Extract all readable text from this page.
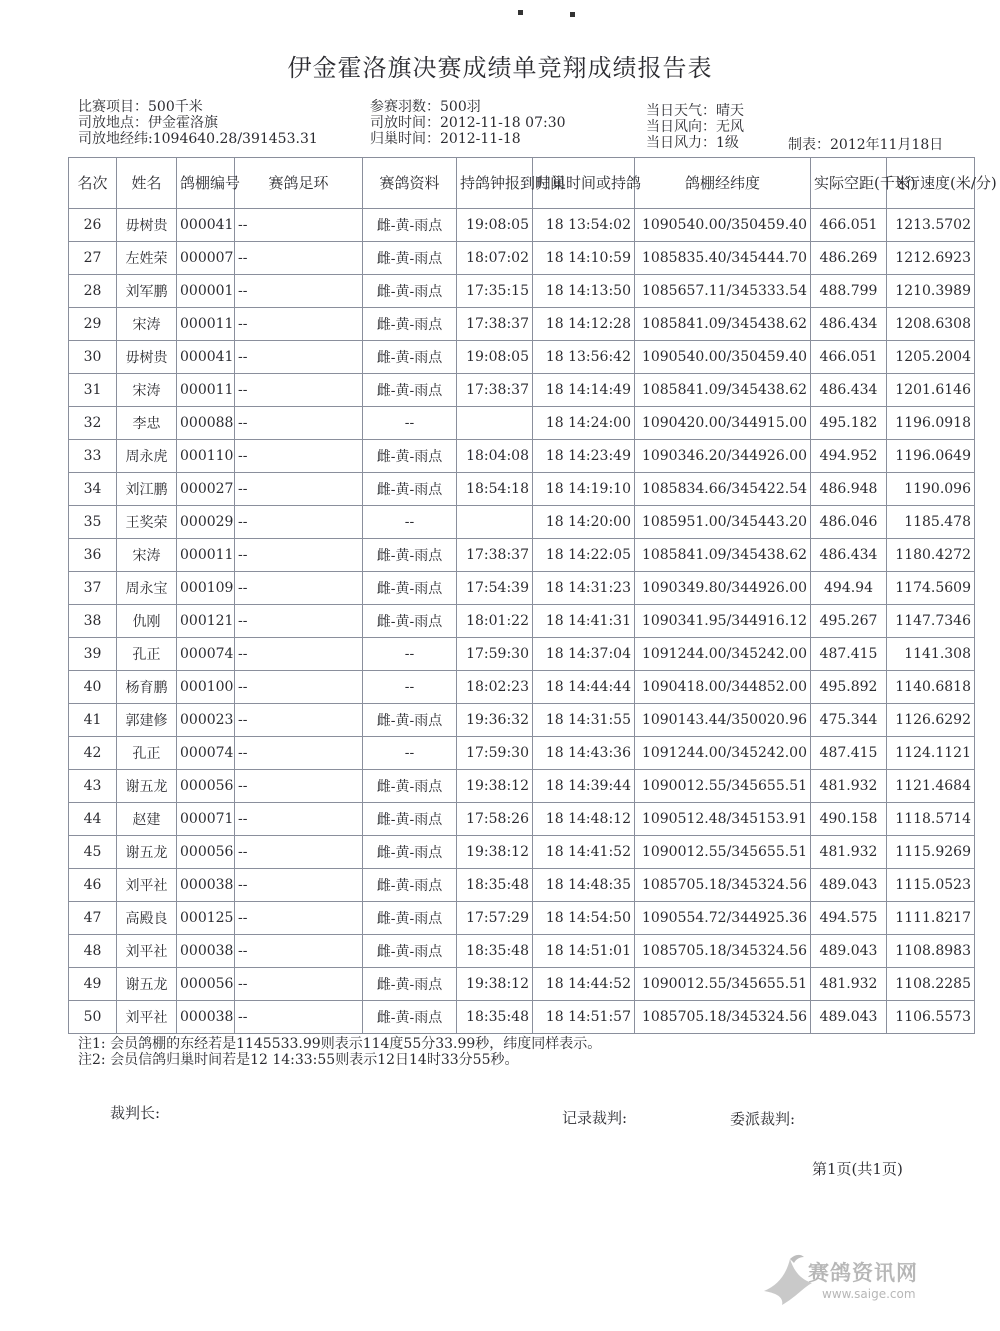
伊金霍洛旗决赛成绩单竞翔成绩报告表
比赛项目：500千米
司放地点：伊金霍洛旗
司放地经纬:1094640.28/391453.31
参赛羽数：500羽
司放时间：2012-11-18 07:30
归巢时间：2012-11-18
当日天气：晴天
当日风向：无风
当日风力：1级	制表：2012年11月18日
名次	姓名	鸽棚编号	赛鸽足环	赛鸽资料	持鸽钟报到时间	归巢时间或持鸽	鸽棚经纬度	实际空距(千米)	飞行速度(米/分)
26	毋树贵	000041	--	雌-黄-雨点	19:08:05	18 13:54:02	1090540.00/350459.40	466.051	1213.5702
27	左姓荣	000007	--	雌-黄-雨点	18:07:02	18 14:10:59	1085835.40/345444.70	486.269	1212.6923
28	刘军鹏	000001	--	雌-黄-雨点	17:35:15	18 14:13:50	1085657.11/345333.54	488.799	1210.3989
29	宋涛	000011	--	雌-黄-雨点	17:38:37	18 14:12:28	1085841.09/345438.62	486.434	1208.6308
30	毋树贵	000041	--	雌-黄-雨点	19:08:05	18 13:56:42	1090540.00/350459.40	466.051	1205.2004
31	宋涛	000011	--	雌-黄-雨点	17:38:37	18 14:14:49	1085841.09/345438.62	486.434	1201.6146
32	李忠	000088	--	--		18 14:24:00	1090420.00/344915.00	495.182	1196.0918
33	周永虎	000110	--	雌-黄-雨点	18:04:08	18 14:23:49	1090346.20/344926.00	494.952	1196.0649
34	刘江鹏	000027	--	雌-黄-雨点	18:54:18	18 14:19:10	1085834.66/345422.54	486.948	1190.096
35	王奖荣	000029	--	--		18 14:20:00	1085951.00/345443.20	486.046	1185.478
36	宋涛	000011	--	雌-黄-雨点	17:38:37	18 14:22:05	1085841.09/345438.62	486.434	1180.4272
37	周永宝	000109	--	雌-黄-雨点	17:54:39	18 14:31:23	1090349.80/344926.00	494.94	1174.5609
38	仇刚	000121	--	雌-黄-雨点	18:01:22	18 14:41:31	1090341.95/344916.12	495.267	1147.7346
39	孔正	000074	--	--	17:59:30	18 14:37:04	1091244.00/345242.00	487.415	1141.308
40	杨育鹏	000100	--	--	18:02:23	18 14:44:44	1090418.00/344852.00	495.892	1140.6818
41	郭建修	000023	--	雌-黄-雨点	19:36:32	18 14:31:55	1090143.44/350020.96	475.344	1126.6292
42	孔正	000074	--	--	17:59:30	18 14:43:36	1091244.00/345242.00	487.415	1124.1121
43	谢五龙	000056	--	雌-黄-雨点	19:38:12	18 14:39:44	1090012.55/345655.51	481.932	1121.4684
44	赵建	000071	--	雌-黄-雨点	17:58:26	18 14:48:12	1090512.48/345153.91	490.158	1118.5714
45	谢五龙	000056	--	雌-黄-雨点	19:38:12	18 14:41:52	1090012.55/345655.51	481.932	1115.9269
46	刘平社	000038	--	雌-黄-雨点	18:35:48	18 14:48:35	1085705.18/345324.56	489.043	1115.0523
47	高殿良	000125	--	雌-黄-雨点	17:57:29	18 14:54:50	1090554.72/344925.36	494.575	1111.8217
48	刘平社	000038	--	雌-黄-雨点	18:35:48	18 14:51:01	1085705.18/345324.56	489.043	1108.8983
49	谢五龙	000056	--	雌-黄-雨点	19:38:12	18 14:44:52	1090012.55/345655.51	481.932	1108.2285
50	刘平社	000038	--	雌-黄-雨点	18:35:48	18 14:51:57	1085705.18/345324.56	489.043	1106.5573
注1: 会员鸽棚的东经若是1145533.99则表示114度55分33.99秒，纬度同样表示。
注2: 会员信鸽归巢时间若是12 14:33:55则表示12日14时33分55秒。
裁判长:	记录裁判:	委派裁判:
第1页(共1页)
赛鸽资讯网
www.saige.com
